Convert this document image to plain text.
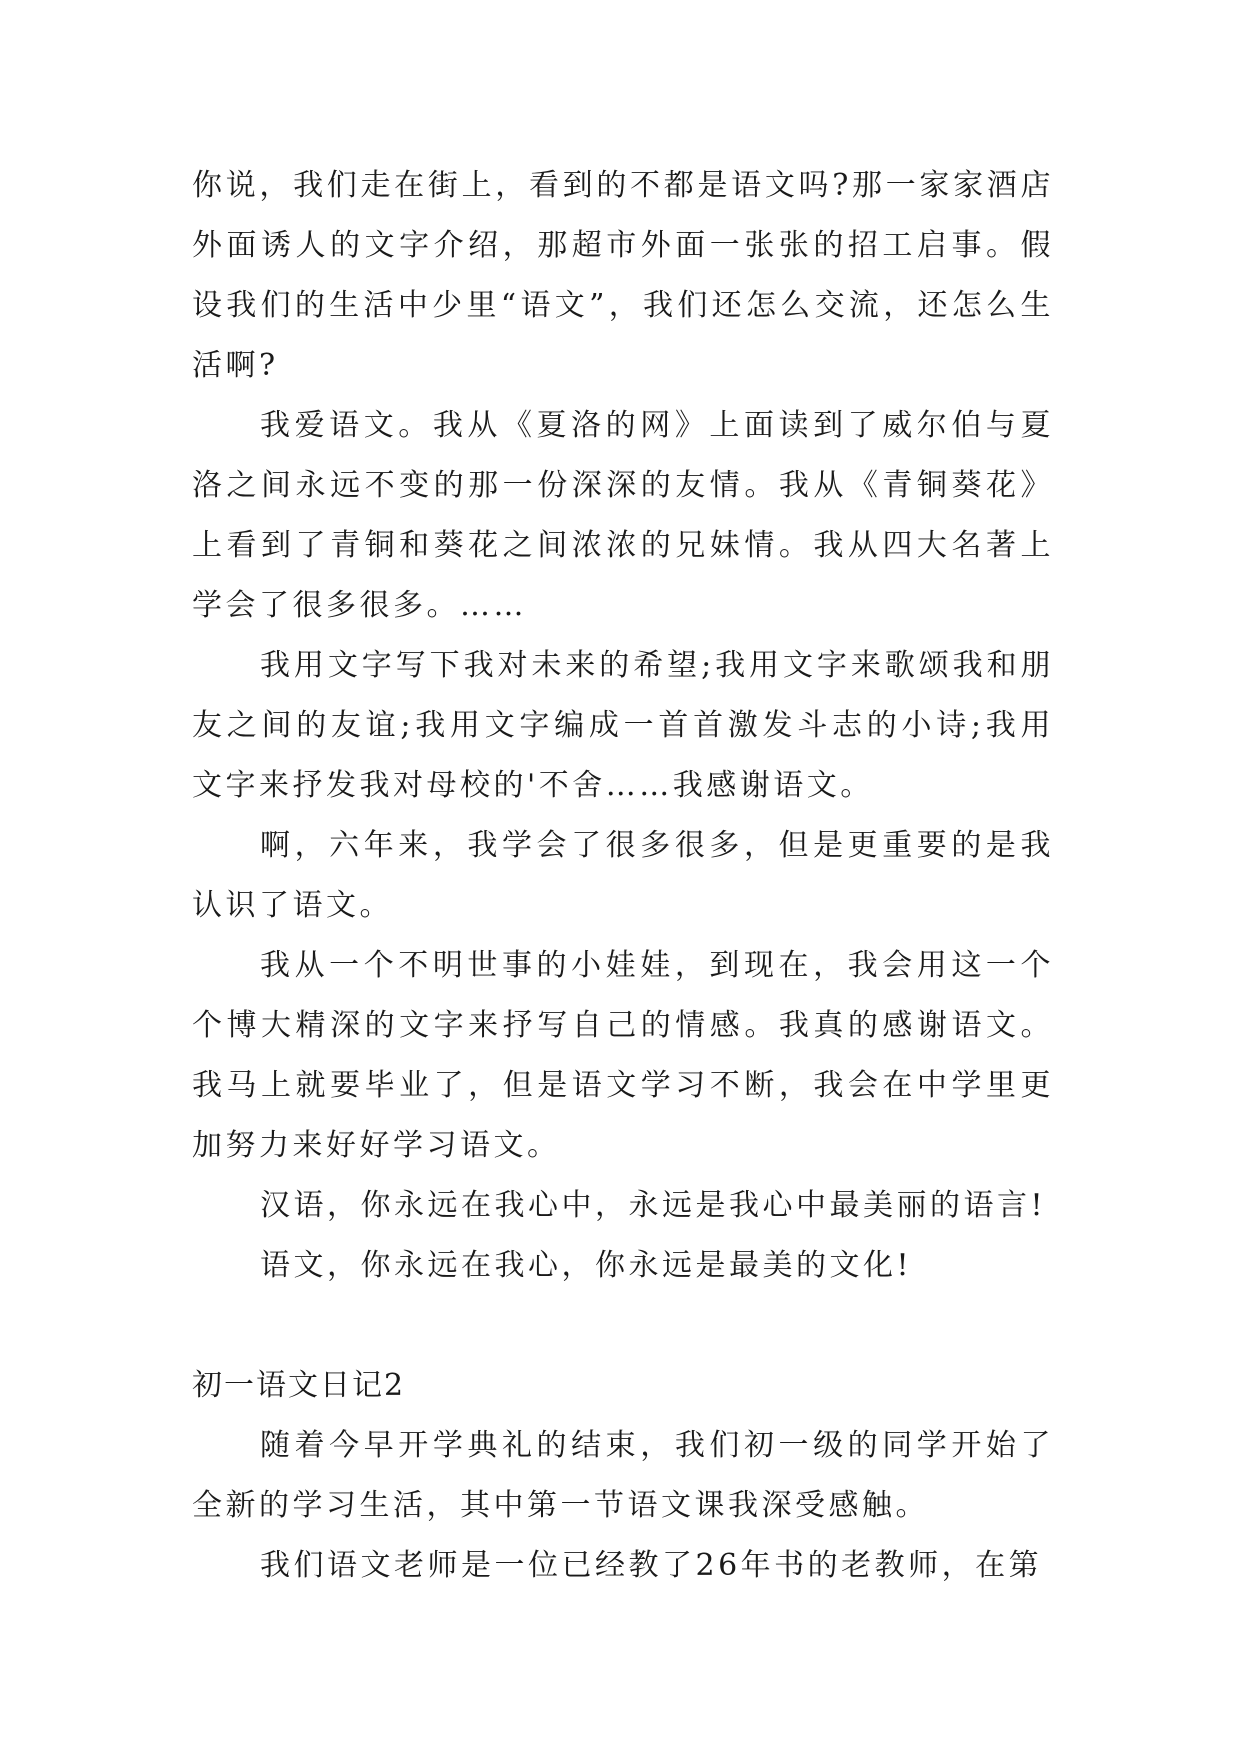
你说，我们走在街上，看到的不都是语文吗?那一家家酒店外面诱人的文字介绍，那超市外面一张张的招工启事。假设我们的生活中少里“语文”，我们还怎么交流，还怎么生活啊?

我爱语文。我从《夏洛的网》上面读到了威尔伯与夏洛之间永远不变的那一份深深的友情。我从《青铜葵花》上看到了青铜和葵花之间浓浓的兄妹情。我从四大名著上学会了很多很多。……

我用文字写下我对未来的希望;我用文字来歌颂我和朋友之间的友谊;我用文字编成一首首激发斗志的小诗;我用文字来抒发我对母校的'不舍……我感谢语文。

啊，六年来，我学会了很多很多，但是更重要的是我认识了语文。

我从一个不明世事的小娃娃，到现在，我会用这一个个博大精深的文字来抒写自己的情感。我真的感谢语文。我马上就要毕业了，但是语文学习不断，我会在中学里更加努力来好好学习语文。

汉语，你永远在我心中，永远是我心中最美丽的语言!

语文，你永远在我心，你永远是最美的文化!

初一语文日记2

随着今早开学典礼的结束，我们初一级的同学开始了全新的学习生活，其中第一节语文课我深受感触。

我们语文老师是一位已经教了26年书的老教师，在第
